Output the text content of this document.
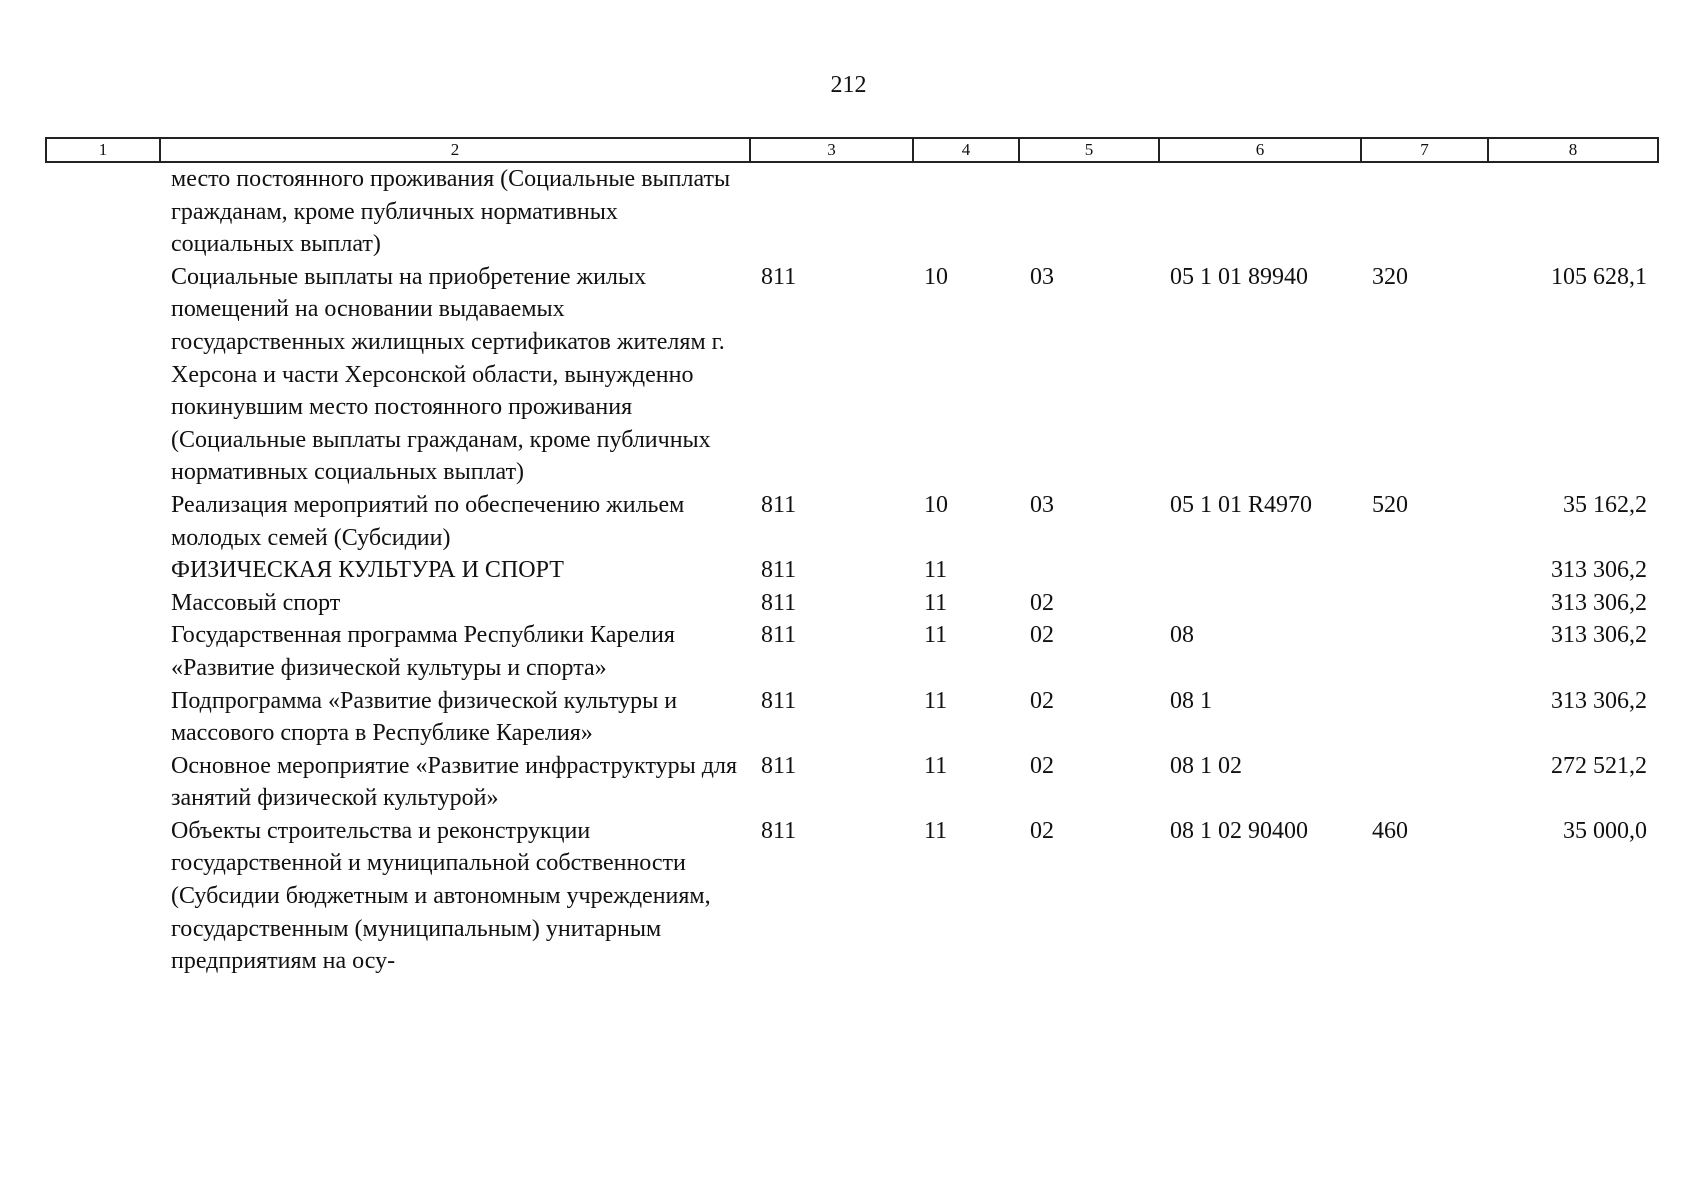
212
1	2	3	4	5	6	7	8
	место постоянного проживания (Социальные выплаты гражданам, кроме публичных нормативных социальных выплат)						
	Социальные выплаты на приобретение жилых помещений на основании выдаваемых государственных жилищных сертификатов жителям г. Херсона и части Херсонской области, вынужденно покинувшим место постоянного проживания (Социальные выплаты гражданам, кроме публичных нормативных социальных выплат)	811	10	03	05 1 01 89940	320	105 628,1
	Реализация мероприятий по обеспечению жильем молодых семей (Субсидии)	811	10	03	05 1 01 R4970	520	35 162,2
	ФИЗИЧЕСКАЯ КУЛЬТУРА И СПОРТ	811	11				313 306,2
	Массовый спорт	811	11	02			313 306,2
	Государственная программа Республики Карелия «Развитие физической культуры и спорта»	811	11	02	08		313 306,2
	Подпрограмма «Развитие физической культуры и массового спорта в Республике Карелия»	811	11	02	08 1		313 306,2
	Основное мероприятие «Развитие инфраструктуры для занятий физической культурой»	811	11	02	08 1 02		272 521,2
	Объекты строительства и реконструкции государственной и муниципальной собственности (Субсидии бюджетным и автономным учреждениям, государственным (муниципальным) унитарным предприятиям на осу-	811	11	02	08 1 02 90400	460	35 000,0
